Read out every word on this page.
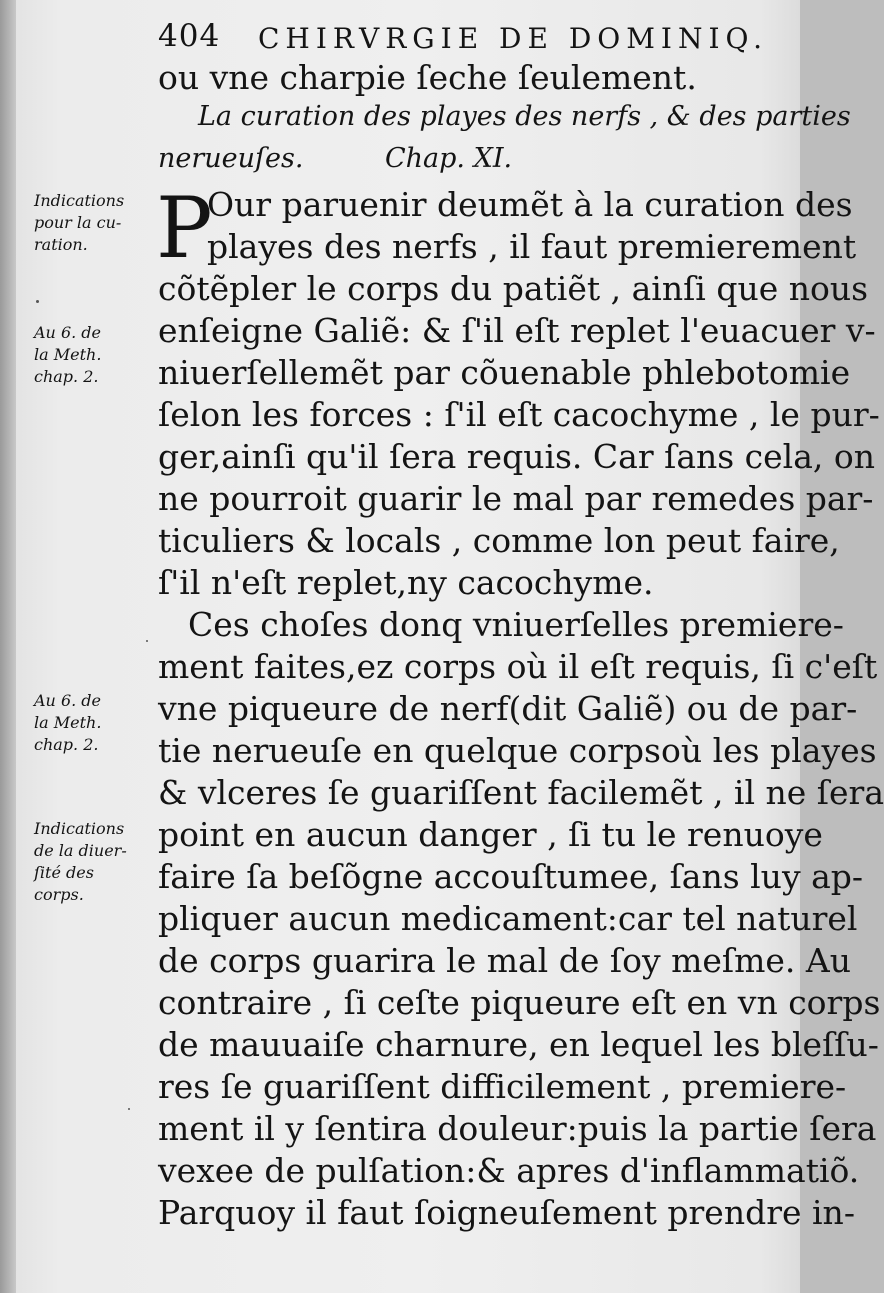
404 CHIRVRGIE DE DOMINIQ.
ou vne charpie ſeche ſeulement.
La curation des playes des nerfs , & des parties
nerueuſes.	Chap. XI.
P
Our paruenir deumẽt à la curation des
playes des nerfs , il faut premierement
cõtẽpler le corps du patiẽt , ainſi que nous
enſeigne Galiẽ: & ſ'il eſt replet l'euacuer v-
niuerſellemẽt par cõuenable phlebotomie
ſelon les forces : ſ'il eſt cacochyme , le pur-
ger,ainſi qu'il ſera requis. Car ſans cela, on
ne pourroit guarir le mal par remedes par-
ticuliers & locals , comme lon peut faire,
ſ'il n'eſt replet,ny cacochyme.
Ces choſes donq vniuerſelles premiere-
ment faites,ez corps où il eſt requis, ſi c'eſt
vne piqueure de nerf(dit Galiẽ) ou de par-
tie nerueuſe en quelque corpsoù les playes
& vlceres ſe guariſſent facilemẽt , il ne ſera
point en aucun danger , ſi tu le renuoye
faire ſa beſõgne accouſtumee, ſans luy ap-
pliquer aucun medicament:car tel naturel
de corps guarira le mal de ſoy meſme. Au
contraire , ſi ceſte piqueure eſt en vn corps
de mauuaiſe charnure, en lequel les bleſſu-
res ſe guariſſent difficilement , premiere-
ment il y ſentira douleur:puis la partie ſera
vexee de pulſation:& apres d'inflammatiõ.
Parquoy il faut ſoigneuſement prendre in-
Indications
pour la cu-
ration.
Au 6. de
la Meth.
chap. 2.
Au 6. de
la Meth.
chap. 2.
Indications
de la diuer-
ſité des
corps.
